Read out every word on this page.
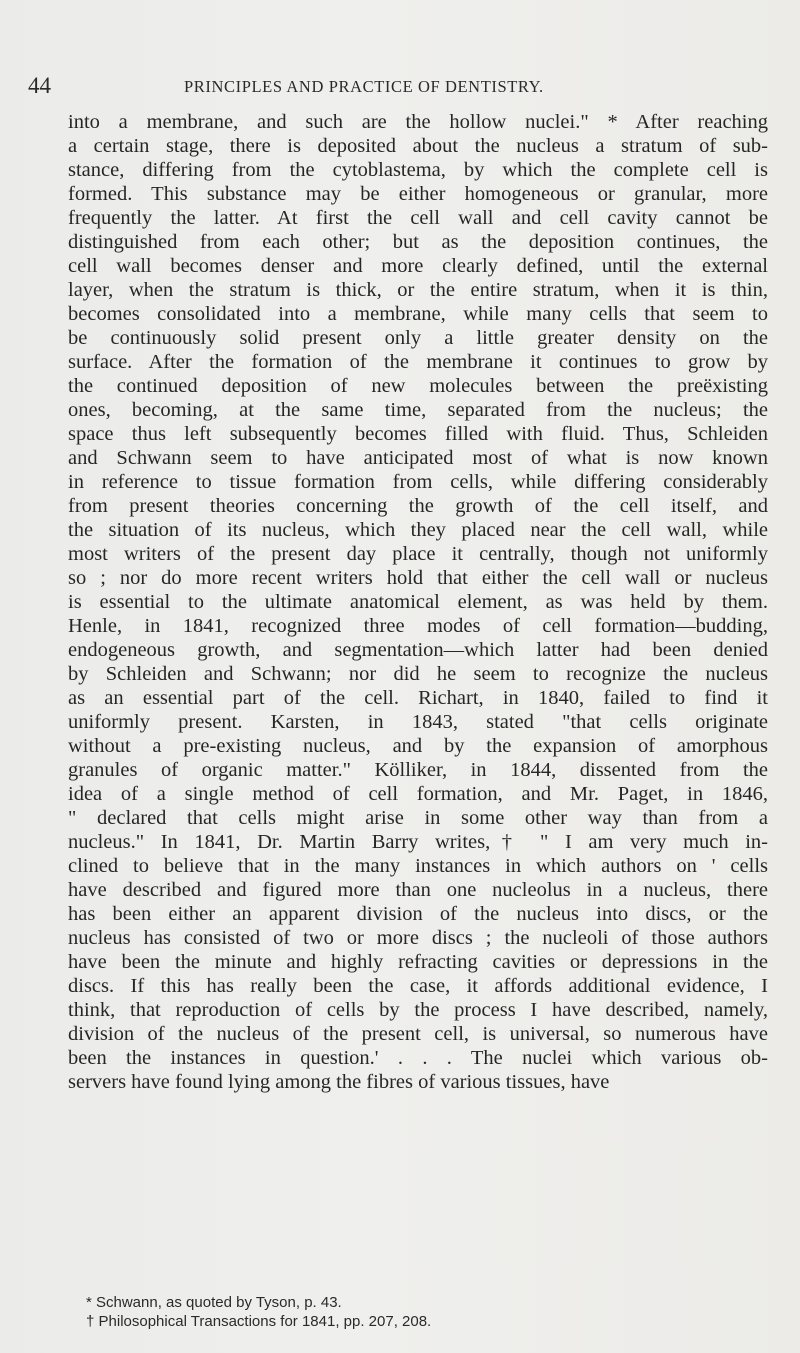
44	PRINCIPLES AND PRACTICE OF DENTISTRY.
into a membrane, and such are the hollow nuclei." * After reaching
a certain stage, there is deposited about the nucleus a stratum of sub-
stance, differing from the cytoblastema, by which the complete cell is
formed. This substance may be either homogeneous or granular, more
frequently the latter. At first the cell wall and cell cavity cannot be
distinguished from each other; but as the deposition continues, the
cell wall becomes denser and more clearly defined, until the external
layer, when the stratum is thick, or the entire stratum, when it is thin,
becomes consolidated into a membrane, while many cells that seem to
be continuously solid present only a little greater density on the
surface. After the formation of the membrane it continues to grow by
the continued deposition of new molecules between the preëxisting
ones, becoming, at the same time, separated from the nucleus; the
space thus left subsequently becomes filled with fluid. Thus, Schleiden
and Schwann seem to have anticipated most of what is now known
in reference to tissue formation from cells, while differing considerably
from present theories concerning the growth of the cell itself, and
the situation of its nucleus, which they placed near the cell wall, while
most writers of the present day place it centrally, though not uniformly
so ; nor do more recent writers hold that either the cell wall or nucleus
is essential to the ultimate anatomical element, as was held by them.
Henle, in 1841, recognized three modes of cell formation—budding,
endogeneous growth, and segmentation—which latter had been denied
by Schleiden and Schwann; nor did he seem to recognize the nucleus
as an essential part of the cell. Richart, in 1840, failed to find it
uniformly present. Karsten, in 1843, stated "that cells originate
without a pre-existing nucleus, and by the expansion of amorphous
granules of organic matter." Kölliker, in 1844, dissented from the
idea of a single method of cell formation, and Mr. Paget, in 1846,
" declared that cells might arise in some other way than from a
nucleus." In 1841, Dr. Martin Barry writes,† " I am very much in-
clined to believe that in the many instances in which authors on ' cells
have described and figured more than one nucleolus in a nucleus, there
has been either an apparent division of the nucleus into discs, or the
nucleus has consisted of two or more discs ; the nucleoli of those authors
have been the minute and highly refracting cavities or depressions in the
discs. If this has really been the case, it affords additional evidence, I
think, that reproduction of cells by the process I have described, namely,
division of the nucleus of the present cell, is universal, so numerous have
been the instances in question.' . . . The nuclei which various ob-
servers have found lying among the fibres of various tissues, have
* Schwann, as quoted by Tyson, p. 43.
† Philosophical Transactions for 1841, pp. 207, 208.
